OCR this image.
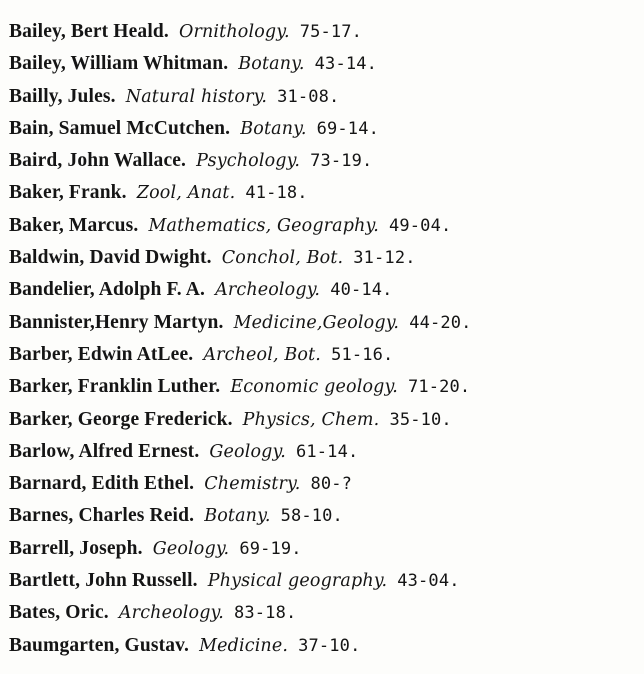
Bailey, Bert Heald. Ornithology. 75-17.
Bailey, William Whitman. Botany. 43-14.
Bailly, Jules. Natural history. 31-08.
Bain, Samuel McCutchen. Botany. 69-14.
Baird, John Wallace. Psychology. 73-19.
Baker, Frank. Zool, Anat. 41-18.
Baker, Marcus. Mathematics, Geography. 49-04.
Baldwin, David Dwight. Conchol, Bot. 31-12.
Bandelier, Adolph F. A. Archeology. 40-14.
Bannister,Henry Martyn. Medicine,Geology. 44-20.
Barber, Edwin AtLee. Archeol, Bot. 51-16.
Barker, Franklin Luther. Economic geology. 71-20.
Barker, George Frederick. Physics, Chem. 35-10.
Barlow, Alfred Ernest. Geology. 61-14.
Barnard, Edith Ethel. Chemistry. 80-?
Barnes, Charles Reid. Botany. 58-10.
Barrell, Joseph. Geology. 69-19.
Bartlett, John Russell. Physical geography. 43-04.
Bates, Oric. Archeology. 83-18.
Baumgarten, Gustav. Medicine. 37-10.
